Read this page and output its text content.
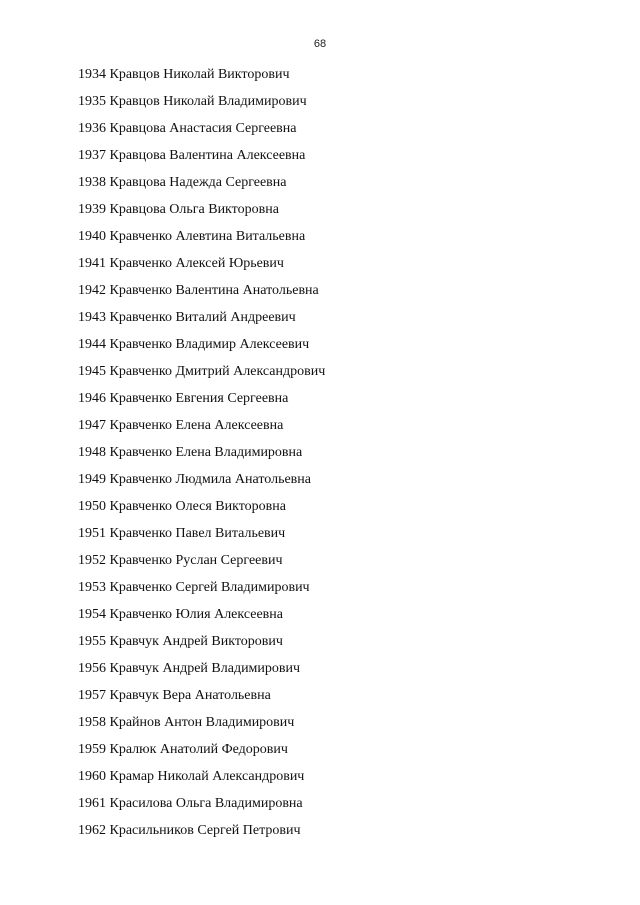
68
1934 Кравцов Николай Викторович
1935 Кравцов Николай Владимирович
1936 Кравцова Анастасия Сергеевна
1937 Кравцова Валентина Алексеевна
1938 Кравцова Надежда Сергеевна
1939 Кравцова Ольга Викторовна
1940 Кравченко Алевтина Витальевна
1941 Кравченко Алексей Юрьевич
1942 Кравченко Валентина Анатольевна
1943 Кравченко Виталий Андреевич
1944 Кравченко Владимир Алексеевич
1945 Кравченко Дмитрий Александрович
1946 Кравченко Евгения Сергеевна
1947 Кравченко Елена Алексеевна
1948 Кравченко Елена Владимировна
1949 Кравченко Людмила Анатольевна
1950 Кравченко Олеся Викторовна
1951 Кравченко Павел Витальевич
1952 Кравченко Руслан Сергеевич
1953 Кравченко Сергей Владимирович
1954 Кравченко Юлия Алексеевна
1955 Кравчук Андрей Викторович
1956 Кравчук Андрей Владимирович
1957 Кравчук Вера Анатольевна
1958 Крайнов Антон Владимирович
1959 Кралюк Анатолий Федорович
1960 Крамар Николай Александрович
1961 Красилова Ольга Владимировна
1962 Красильников Сергей Петрович
